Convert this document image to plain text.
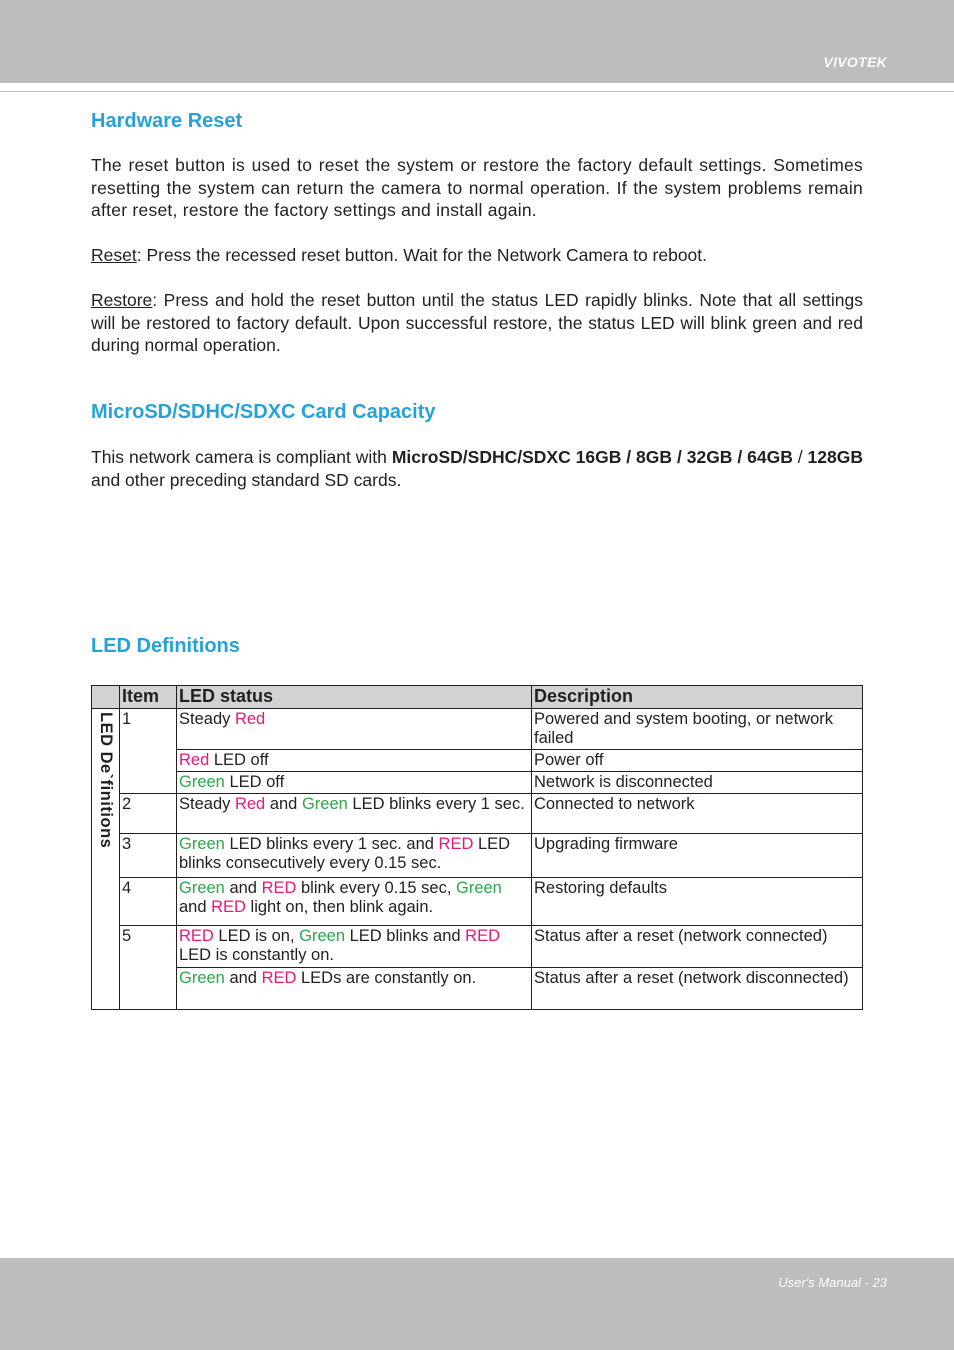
VIVOTEK
Hardware Reset

The reset button is used to reset the system or restore the factory default settings. Sometimes resetting the system can return the camera to normal operation. If the system problems remain after reset, restore the factory settings and install again.

Reset: Press the recessed reset button. Wait for the Network Camera to reboot.

Restore: Press and hold the reset button until the status LED rapidly blinks. Note that all settings will be restored to factory default. Upon successful restore, the status LED will blink green and red during normal operation.

MicroSD/SDHC/SDXC Card Capacity

This network camera is compliant with MicroSD/SDHC/SDXC 16GB / 8GB / 32GB / 64GB / 128GB and other preceding standard SD cards.

LED Definitions
	Item	LED status	Description

LED De`finitions	1	Steady Red	Powered and system booting, or network failed
		Red LED off	Power off
		Green LED off	Network is disconnected
	2	Steady Red and Green LED blinks every 1 sec.	Connected to network
	3	Green LED blinks every 1 sec. and RED LED blinks consecutively every 0.15 sec.	Upgrading firmware
	4	Green and RED blink every 0.15 sec, Green and RED light on, then blink again.	Restoring defaults
	5	RED LED is on, Green LED blinks and RED LED is constantly on.	Status after a reset (network connected)
		Green and RED LEDs are constantly on.	Status after a reset (network disconnected)
User's Manual - 23
